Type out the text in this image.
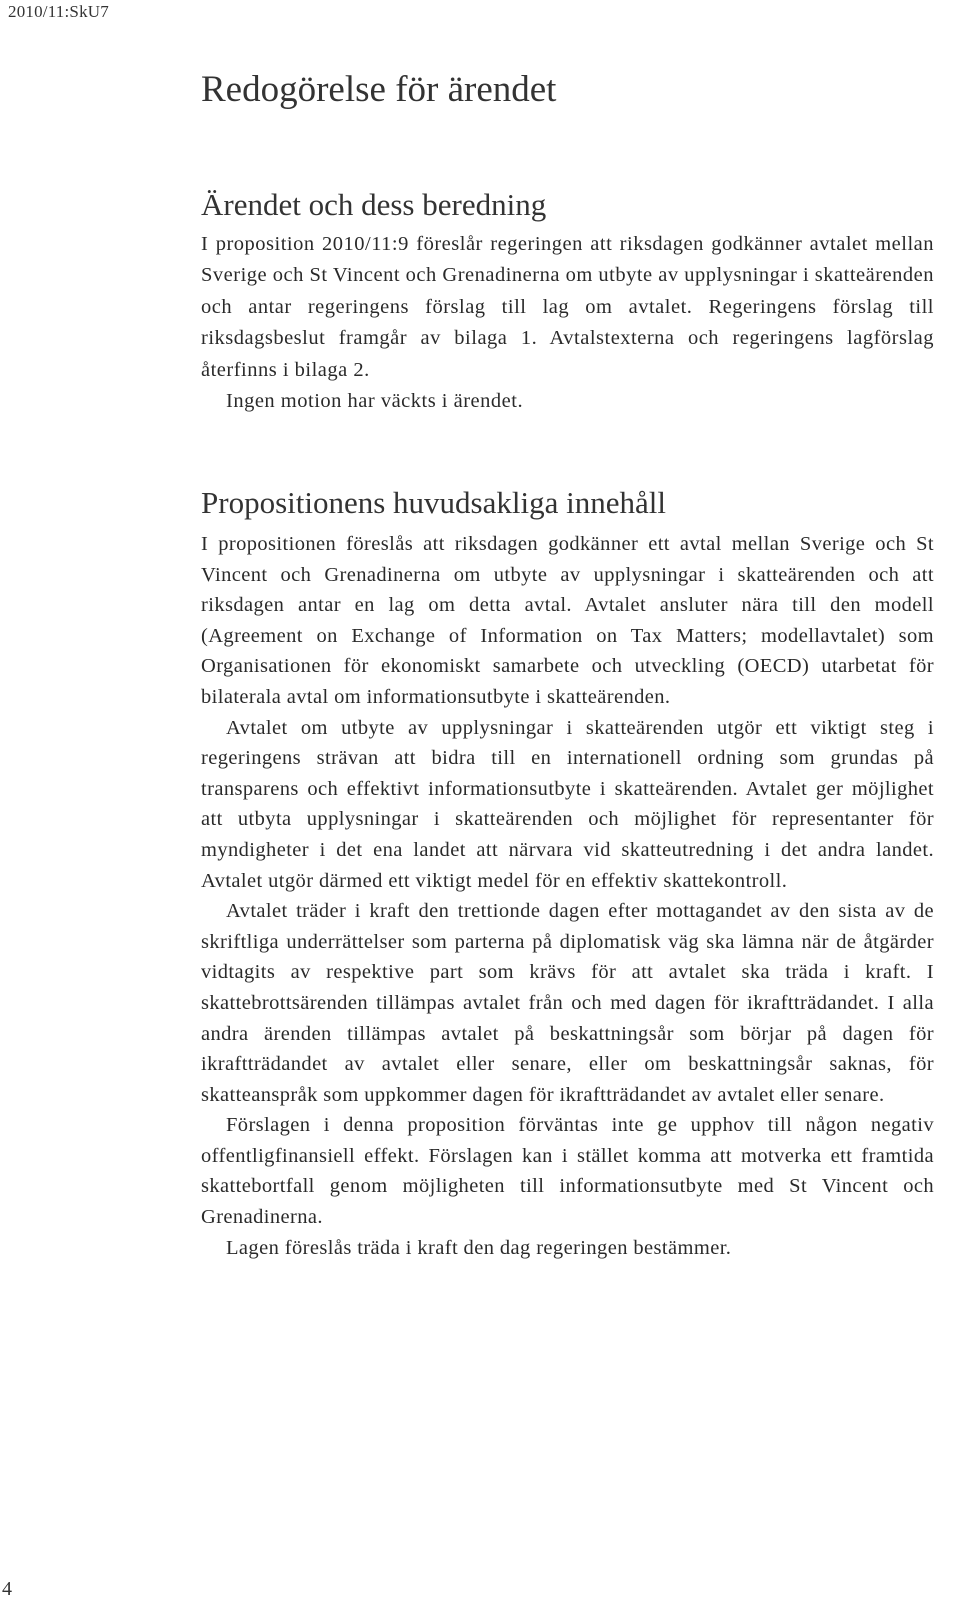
2010/11:SkU7
Redogörelse för ärendet
Ärendet och dess beredning

I proposition 2010/11:9 föreslår regeringen att riksdagen godkänner avtalet mellan Sverige och St Vincent och Grenadinerna om utbyte av upplysningar i skatteärenden och antar regeringens förslag till lag om avtalet. Regeringens förslag till riksdagsbeslut framgår av bilaga 1. Avtalstexterna och regeringens lagförslag återfinns i bilaga 2.

Ingen motion har väckts i ärendet.

Propositionens huvudsakliga innehåll

I propositionen föreslås att riksdagen godkänner ett avtal mellan Sverige och St Vincent och Grenadinerna om utbyte av upplysningar i skatteärenden och att riksdagen antar en lag om detta avtal. Avtalet ansluter nära till den modell (Agreement on Exchange of Information on Tax Matters; modellavtalet) som Organisationen för ekonomiskt samarbete och utveckling (OECD) utarbetat för bilaterala avtal om informationsutbyte i skatteärenden.

Avtalet om utbyte av upplysningar i skatteärenden utgör ett viktigt steg i regeringens strävan att bidra till en internationell ordning som grundas på transparens och effektivt informationsutbyte i skatteärenden. Avtalet ger möjlighet att utbyta upplysningar i skatteärenden och möjlighet för representanter för myndigheter i det ena landet att närvara vid skatteutredning i det andra landet. Avtalet utgör därmed ett viktigt medel för en effektiv skattekontroll.

Avtalet träder i kraft den trettionde dagen efter mottagandet av den sista av de skriftliga underrättelser som parterna på diplomatisk väg ska lämna när de åtgärder vidtagits av respektive part som krävs för att avtalet ska träda i kraft. I skattebrottsärenden tillämpas avtalet från och med dagen för ikraftträdandet. I alla andra ärenden tillämpas avtalet på beskattningsår som börjar på dagen för ikraftträdandet av avtalet eller senare, eller om beskattningsår saknas, för skatteanspråk som uppkommer dagen för ikraftträdandet av avtalet eller senare.

Förslagen i denna proposition förväntas inte ge upphov till någon negativ offentligfinansiell effekt. Förslagen kan i stället komma att motverka ett framtida skattebortfall genom möjligheten till informationsutbyte med St Vincent och Grenadinerna.

Lagen föreslås träda i kraft den dag regeringen bestämmer.

4
